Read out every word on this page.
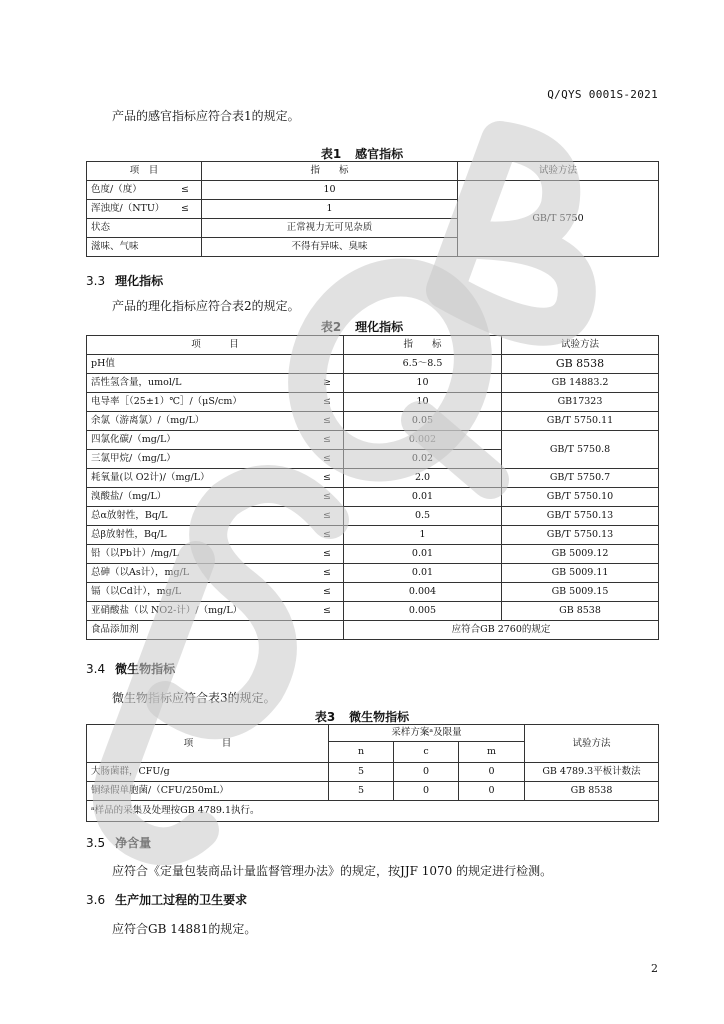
Q/QYS 0001S-2021
产品的感官指标应符合表1的规定。
表1 感官指标
项　目	指　　标	试验方法
色度/（度） ≤	10	GB/T 5750
浑浊度/（NTU） ≤	1	
状态	正常视力无可见杂质	
滋味、气味	不得有异味、臭味	
3.3 理化指标
产品的理化指标应符合表2的规定。
表2 理化指标
项　　　目	指　　标	试验方法
pH值	6.5～8.5	GB 8538
活性氢含量，umol/L ≥	10	GB 14883.2
电导率［（25±1）℃］/（μS/cm） ≤	10	GB17323
余氯（游离氯）/（mg/L） ≤	0.05	GB/T 5750.11
四氯化碳/（mg/L） ≤	0.002	GB/T 5750.8
三氯甲烷/（mg/L） ≤	0.02	
耗氧量(以 O2计)/（mg/L） ≤	2.0	GB/T 5750.7
溴酸盐/（mg/L） ≤	0.01	GB/T 5750.10
总α放射性，Bq/L ≤	0.5	GB/T 5750.13
总β放射性，Bq/L ≤	1	GB/T 5750.13
铅（以Pb计）/mg/L ≤	0.01	GB 5009.12
总砷（以As计），mg/L ≤	0.01	GB 5009.11
镉（以Cd计），mg/L ≤	0.004	GB 5009.15
亚硝酸盐（以 NO2-计）/（mg/L） ≤	0.005	GB 8538
食品添加剂	应符合GB 2760的规定	
3.4 微生物指标
微生物指标应符合表3的规定。
表3 微生物指标
项　　　目	采样方案ᵃ及限量			试验方法
	n	c	m	
大肠菌群，CFU/g	5	0	0	GB 4789.3平板计数法
铜绿假单胞菌/（CFU/250mL）	5	0	0	GB 8538
ᵃ样品的采集及处理按GB 4789.1执行。				
3.5 净含量
应符合《定量包装商品计量监督管理办法》的规定，按JJF 1070 的规定进行检测。
3.6 生产加工过程的卫生要求
应符合GB 14881的规定。
2
